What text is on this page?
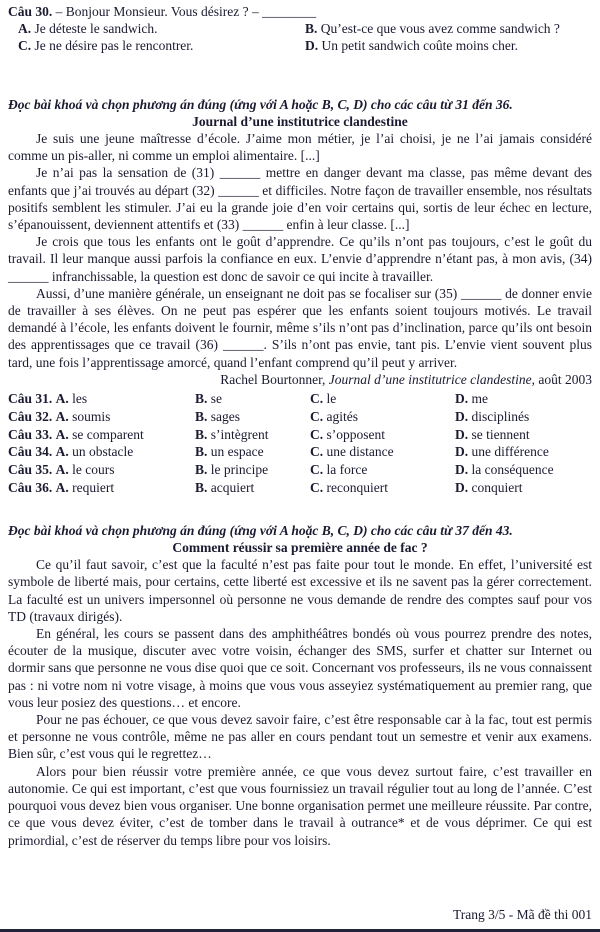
Câu 30. – Bonjour Monsieur. Vous désirez ? – ________

A. Je déteste le sandwich.	B. Qu’est-ce que vous avez comme sandwich ?
C. Je ne désire pas le rencontrer.	D. Un petit sandwich coûte moins cher.

Đọc bài khoá và chọn phương án đúng (ứng với A hoặc B, C, D) cho các câu từ 31 đến 36.

Journal d’une institutrice clandestine

Je suis une jeune maîtresse d’école. J’aime mon métier, je l’ai choisi, je ne l’ai jamais considéré comme un pis-aller, ni comme un emploi alimentaire. [...]

Je n’ai pas la sensation de (31) ______ mettre en danger devant ma classe, pas même devant des enfants que j’ai trouvés au départ (32) ______ et difficiles. Notre façon de travailler ensemble, nos résultats positifs semblent les stimuler. J’ai eu la grande joie d’en voir certains qui, sortis de leur échec en lecture, s’épanouissent, deviennent attentifs et (33) ______ enfin à leur classe. [...]

Je crois que tous les enfants ont le goût d’apprendre. Ce qu’ils n’ont pas toujours, c’est le goût du travail. Il leur manque aussi parfois la confiance en eux. L’envie d’apprendre n’étant pas, à mon avis, (34) ______ infranchissable, la question est donc de savoir ce qui incite à travailler.

Aussi, d’une manière générale, un enseignant ne doit pas se focaliser sur (35) ______ de donner envie de travailler à ses élèves. On ne peut pas espérer que les enfants soient toujours motivés. Le travail demandé à l’école, les enfants doivent le fournir, même s’ils n’ont pas d’inclination, parce qu’ils ont besoin des apprentissages que ce travail (36) ______. S’ils n’ont pas envie, tant pis. L’envie vient souvent plus tard, une fois l’apprentissage amorcé, quand l’enfant comprend qu’il peut y arriver.

Rachel Bourtonner, Journal d’une institutrice clandestine, août 2003

Câu 31. A. les	B. se	C. le	D. me
Câu 32. A. soumis	B. sages	C. agités	D. disciplinés
Câu 33. A. se comparent	B. s’intègrent	C. s’opposent	D. se tiennent
Câu 34. A. un obstacle	B. un espace	C. une distance	D. une différence
Câu 35. A. le cours	B. le principe	C. la force	D. la conséquence
Câu 36. A. requiert	B. acquiert	C. reconquiert	D. conquiert

Đọc bài khoá và chọn phương án đúng (ứng với A hoặc B, C, D) cho các câu từ 37 đến 43.

Comment réussir sa première année de fac ?

Ce qu’il faut savoir, c’est que la faculté n’est pas faite pour tout le monde. En effet, l’université est symbole de liberté mais, pour certains, cette liberté est excessive et ils ne savent pas la gérer correctement. La faculté est un univers impersonnel où personne ne vous demande de rendre des comptes sauf pour vos TD (travaux dirigés).

En général, les cours se passent dans des amphithéâtres bondés où vous pourrez prendre des notes, écouter de la musique, discuter avec votre voisin, échanger des SMS, surfer et chatter sur Internet ou dormir sans que personne ne vous dise quoi que ce soit. Concernant vos professeurs, ils ne vous connaissent pas : ni votre nom ni votre visage, à moins que vous vous asseyiez systématiquement au premier rang, que vous leur posiez des questions… et encore.

Pour ne pas échouer, ce que vous devez savoir faire, c’est être responsable car à la fac, tout est permis et personne ne vous contrôle, même ne pas aller en cours pendant tout un semestre et venir aux examens. Bien sûr, c’est vous qui le regrettez…

Alors pour bien réussir votre première année, ce que vous devez surtout faire, c’est travailler en autonomie. Ce qui est important, c’est que vous fournissiez un travail régulier tout au long de l’année. C’est pourquoi vous devez bien vous organiser. Une bonne organisation permet une meilleure réussite. Par contre, ce que vous devez éviter, c’est de tomber dans le travail à outrance* et de vous déprimer. Ce qui est primordial, c’est de réserver du temps libre pour vos loisirs.

Trang 3/5 - Mã đề thi 001
